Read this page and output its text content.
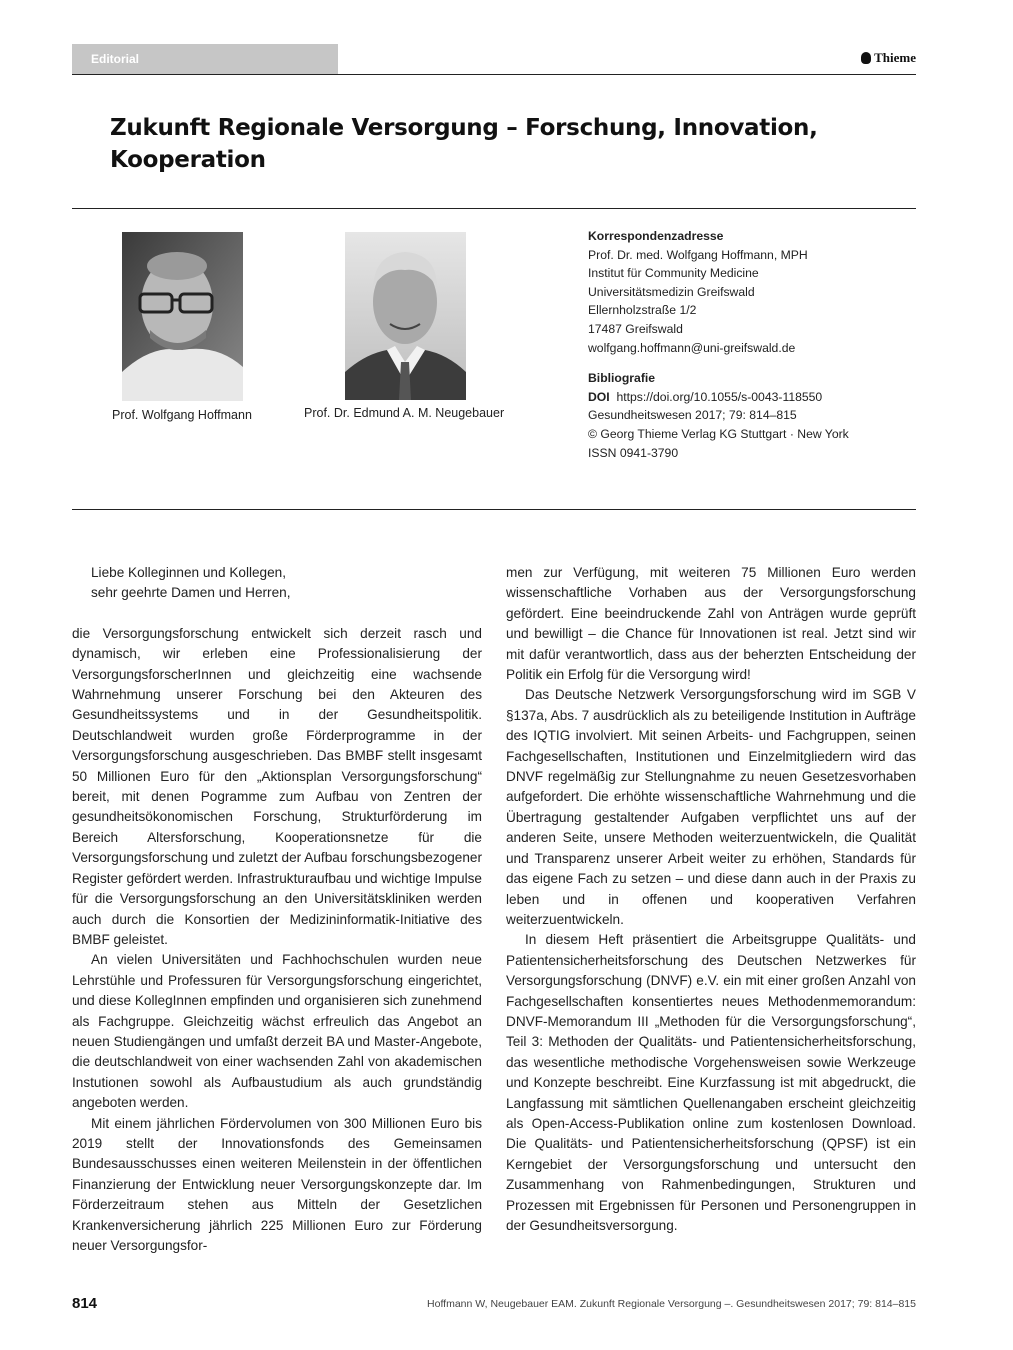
Editorial	Thieme
Zukunft Regionale Versorgung – Forschung, Innovation, Kooperation
Prof. Wolfgang Hoffmann	Prof. Dr. Edmund A. M. Neugebauer
Korrespondenzadresse
Prof. Dr. med. Wolfgang Hoffmann, MPH
Institut für Community Medicine
Universitätsmedizin Greifswald
Ellernholzstraße 1/2
17487 Greifswald
wolfgang.hoffmann@uni-greifswald.de
Bibliografie
DOI https://doi.org/10.1055/s-0043-118550
Gesundheitswesen 2017; 79: 814–815
© Georg Thieme Verlag KG Stuttgart · New York
ISSN 0941-3790

Liebe Kolleginnen und Kollegen,

sehr geehrte Damen und Herren,

die Versorgungsforschung entwickelt sich derzeit rasch und dynamisch, wir erleben eine Professionalisierung der VersorgungsforscherInnen und gleichzeitig eine wachsende Wahrnehmung unserer Forschung bei den Akteuren des Gesundheitssystems und in der Gesundheitspolitik. Deutschlandweit wurden große Förderprogramme in der Versorgungsforschung ausgeschrieben. Das BMBF stellt insgesamt 50 Millionen Euro für den „Aktionsplan Versorgungsforschung“ bereit, mit denen Pogramme zum Aufbau von Zentren der gesundheitsökonomischen Forschung, Strukturförderung im Bereich Altersforschung, Kooperationsnetze für die Versorgungsforschung und zuletzt der Aufbau forschungsbezogener Register gefördert werden. Infrastrukturaufbau und wichtige Impulse für die Versorgungsforschung an den Universitätskliniken werden auch durch die Konsortien der Medizininformatik-Initiative des BMBF geleistet.

An vielen Universitäten und Fachhochschulen wurden neue Lehrstühle und Professuren für Versorgungsforschung eingerichtet, und diese KollegInnen empfinden und organisieren sich zunehmend als Fachgruppe. Gleichzeitig wächst erfreulich das Angebot an neuen Studiengängen und umfaßt derzeit BA und Master-Angebote, die deutschlandweit von einer wachsenden Zahl von akademischen Instutionen sowohl als Aufbaustudium als auch grundständig angeboten werden.

Mit einem jährlichen Fördervolumen von 300 Millionen Euro bis 2019 stellt der Innovationsfonds des Gemeinsamen Bundesausschusses einen weiteren Meilenstein in der öffentlichen Finanzierung der Entwicklung neuer Versorgungskonzepte dar. Im Förderzeitraum stehen aus Mitteln der Gesetzlichen Krankenversicherung jährlich 225 Millionen Euro zur Förderung neuer Versorgungsfor-

men zur Verfügung, mit weiteren 75 Millionen Euro werden wissenschaftliche Vorhaben aus der Versorgungsforschung gefördert. Eine beeindruckende Zahl von Anträgen wurde geprüft und bewilligt – die Chance für Innovationen ist real. Jetzt sind wir mit dafür verantwortlich, dass aus der beherzten Entscheidung der Politik ein Erfolg für die Versorgung wird!

Das Deutsche Netzwerk Versorgungsforschung wird im SGB V §137a, Abs. 7 ausdrücklich als zu beteiligende Institution in Aufträge des IQTIG involviert. Mit seinen Arbeits- und Fachgruppen, seinen Fachgesellschaften, Institutionen und Einzelmitgliedern wird das DNVF regelmäßig zur Stellungnahme zu neuen Gesetzesvorhaben aufgefordert. Die erhöhte wissenschaftliche Wahrnehmung und die Übertragung gestaltender Aufgaben verpflichtet uns auf der anderen Seite, unsere Methoden weiterzuentwickeln, die Qualität und Transparenz unserer Arbeit weiter zu erhöhen, Standards für das eigene Fach zu setzen – und diese dann auch in der Praxis zu leben und in offenen und kooperativen Verfahren weiterzuentwickeln.

In diesem Heft präsentiert die Arbeitsgruppe Qualitäts- und Patientensicherheitsforschung des Deutschen Netzwerkes für Versorgungsforschung (DNVF) e.V. ein mit einer großen Anzahl von Fachgesellschaften konsentiertes neues Methodenmemorandum: DNVF-Memorandum III „Methoden für die Versorgungsforschung“, Teil 3: Methoden der Qualitäts- und Patientensicherheitsforschung, das wesentliche methodische Vorgehensweisen sowie Werkzeuge und Konzepte beschreibt. Eine Kurzfassung ist mit abgedruckt, die Langfassung mit sämtlichen Quellenangaben erscheint gleichzeitig als Open-Access-Publikation online zum kostenlosen Download. Die Qualitäts- und Patientensicherheitsforschung (QPSF) ist ein Kerngebiet der Versorgungsforschung und untersucht den Zusammenhang von Rahmenbedingungen, Strukturen und Prozessen mit Ergebnissen für Personen und Personengruppen in der Gesundheitsversorgung.

814	Hoffmann W, Neugebauer EAM. Zukunft Regionale Versorgung –. Gesundheitswesen 2017; 79: 814–815
